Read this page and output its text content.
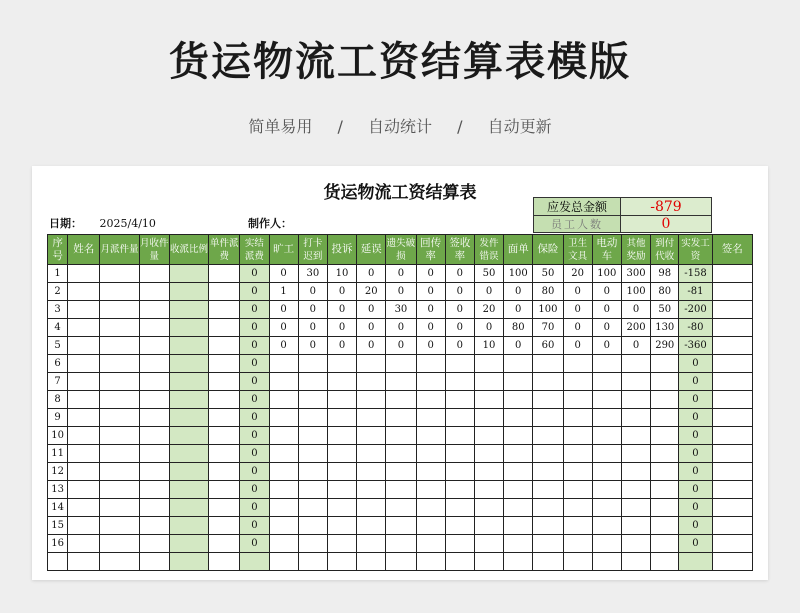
货运物流工资结算表模版
简单易用 / 自动统计 / 自动更新
货运物流工资结算表
日期： 2025/4/10	制作人：
应发总金额	-879
员工人数	0
序号	姓名	月派件量	月收件量	收派比例	单件派费	实结派费	旷工	打卡迟到	投诉	延误	遗失破损	回传率	签收率	发件错误	面单	保险	卫生文具	电动车	其他奖励	到付代收	实发工资	签名
1						0	0	30	10	0	0	0	0	50	100	50	20	100	300	98	-158	
2						0	1	0	0	20	0	0	0	0	0	80	0	0	100	80	-81	
3						0	0	0	0	0	30	0	0	20	0	100	0	0	0	50	-200	
4						0	0	0	0	0	0	0	0	0	80	70	0	0	200	130	-80	
5						0	0	0	0	0	0	0	0	10	0	60	0	0	0	290	-360	
6						0															0	
7						0															0	
8						0															0	
9						0															0	
10						0															0	
11						0															0	
12						0															0	
13						0															0	
14						0															0	
15						0															0	
16						0															0	
